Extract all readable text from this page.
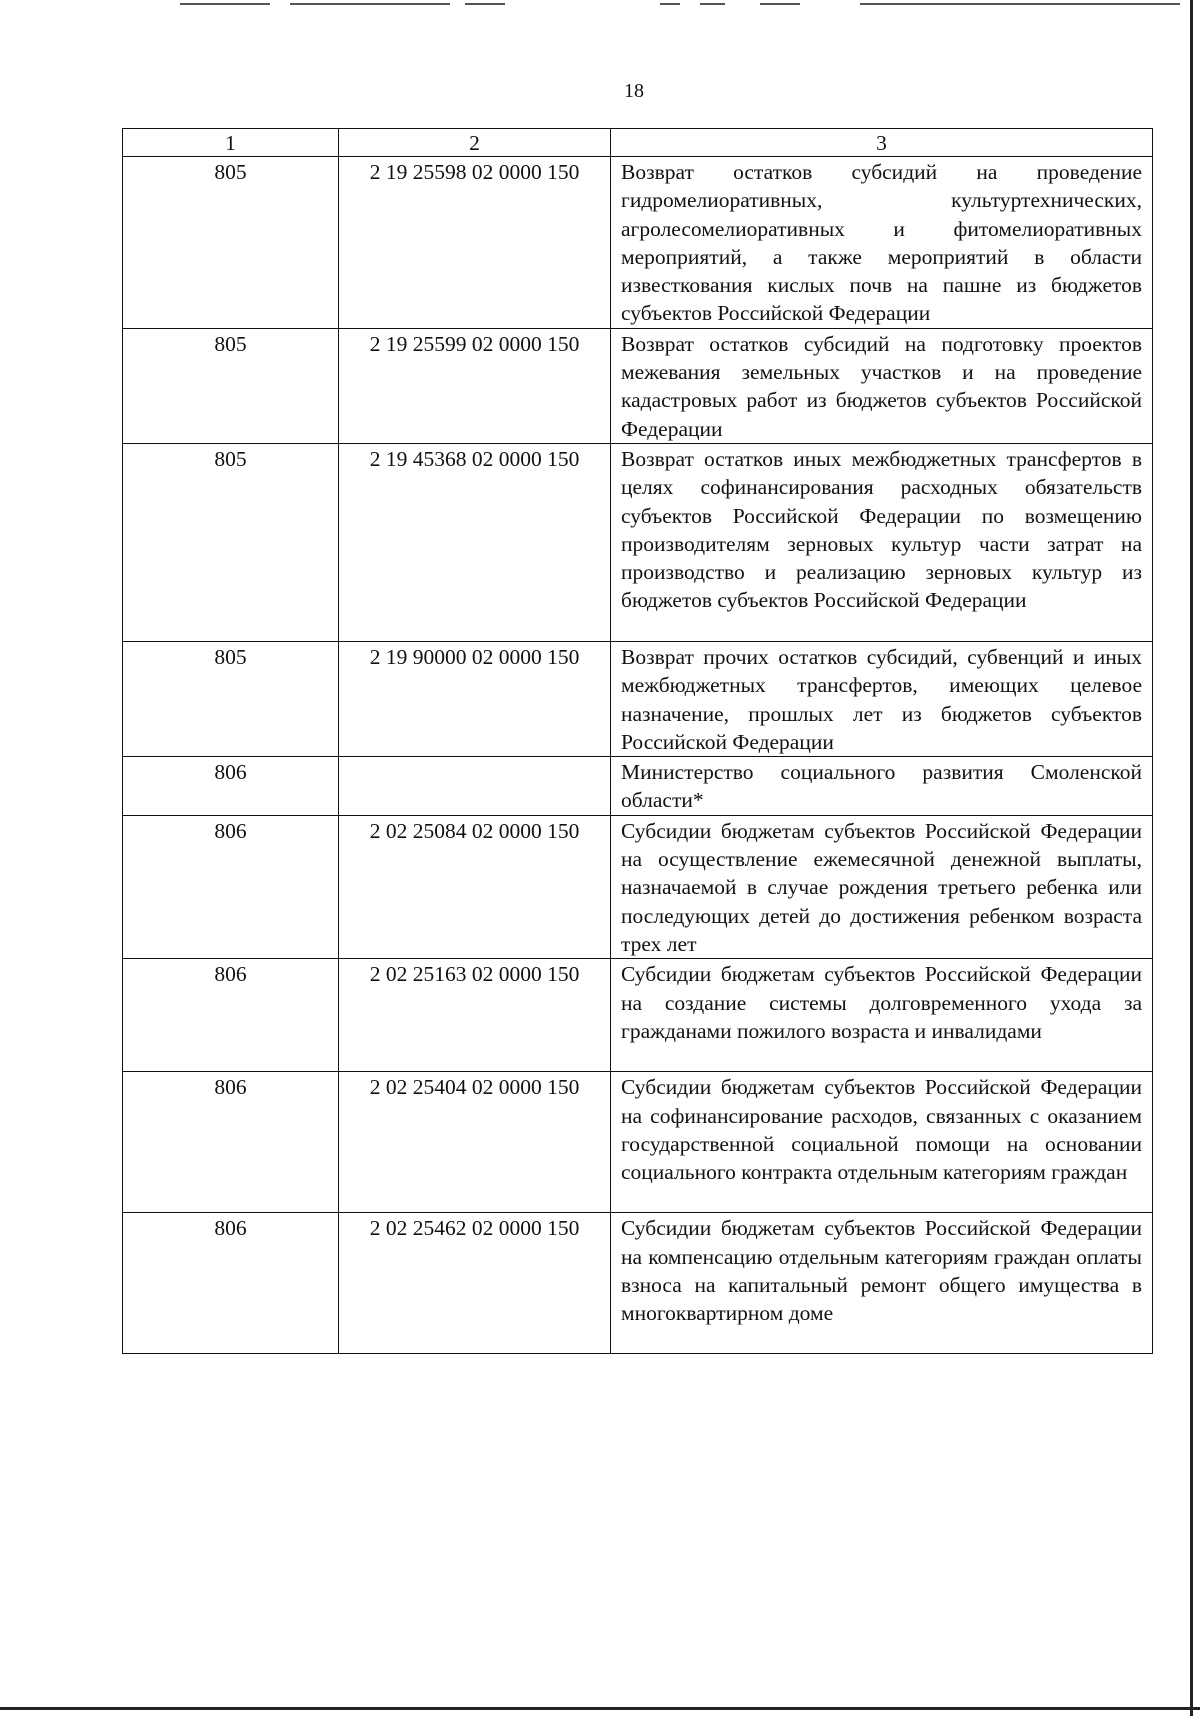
18
1	2	3
805	2 19 25598 02 0000 150	Возврат остатков субсидий на проведение гидромелиоративных, культуртехнических, агролесомелиоративных и фитомелиоративных мероприятий, а также мероприятий в области известкования кислых почв на пашне из бюджетов субъектов Российской Федерации
805	2 19 25599 02 0000 150	Возврат остатков субсидий на подготовку проектов межевания земельных участков и на проведение кадастровых работ из бюджетов субъектов Российской Федерации
805	2 19 45368 02 0000 150	Возврат остатков иных межбюджетных трансфертов в целях софинансирования расходных обязательств субъектов Российской Федерации по возмещению производителям зерновых культур части затрат на производство и реализацию зерновых культур из бюджетов субъектов Российской Федерации
805	2 19 90000 02 0000 150	Возврат прочих остатков субсидий, субвенций и иных межбюджетных трансфертов, имеющих целевое назначение, прошлых лет из бюджетов субъектов Российской Федерации
806		Министерство социального развития Смоленской области*
806	2 02 25084 02 0000 150	Субсидии бюджетам субъектов Российской Федерации на осуществление ежемесячной денежной выплаты, назначаемой в случае рождения третьего ребенка или последующих детей до достижения ребенком возраста трех лет
806	2 02 25163 02 0000 150	Субсидии бюджетам субъектов Российской Федерации на создание системы долговременного ухода за гражданами пожилого возраста и инвалидами
806	2 02 25404 02 0000 150	Субсидии бюджетам субъектов Российской Федерации на софинансирование расходов, связанных с оказанием государственной социальной помощи на основании социального контракта отдельным категориям граждан
806	2 02 25462 02 0000 150	Субсидии бюджетам субъектов Российской Федерации на компенсацию отдельным категориям граждан оплаты взноса на капитальный ремонт общего имущества в многоквартирном доме
